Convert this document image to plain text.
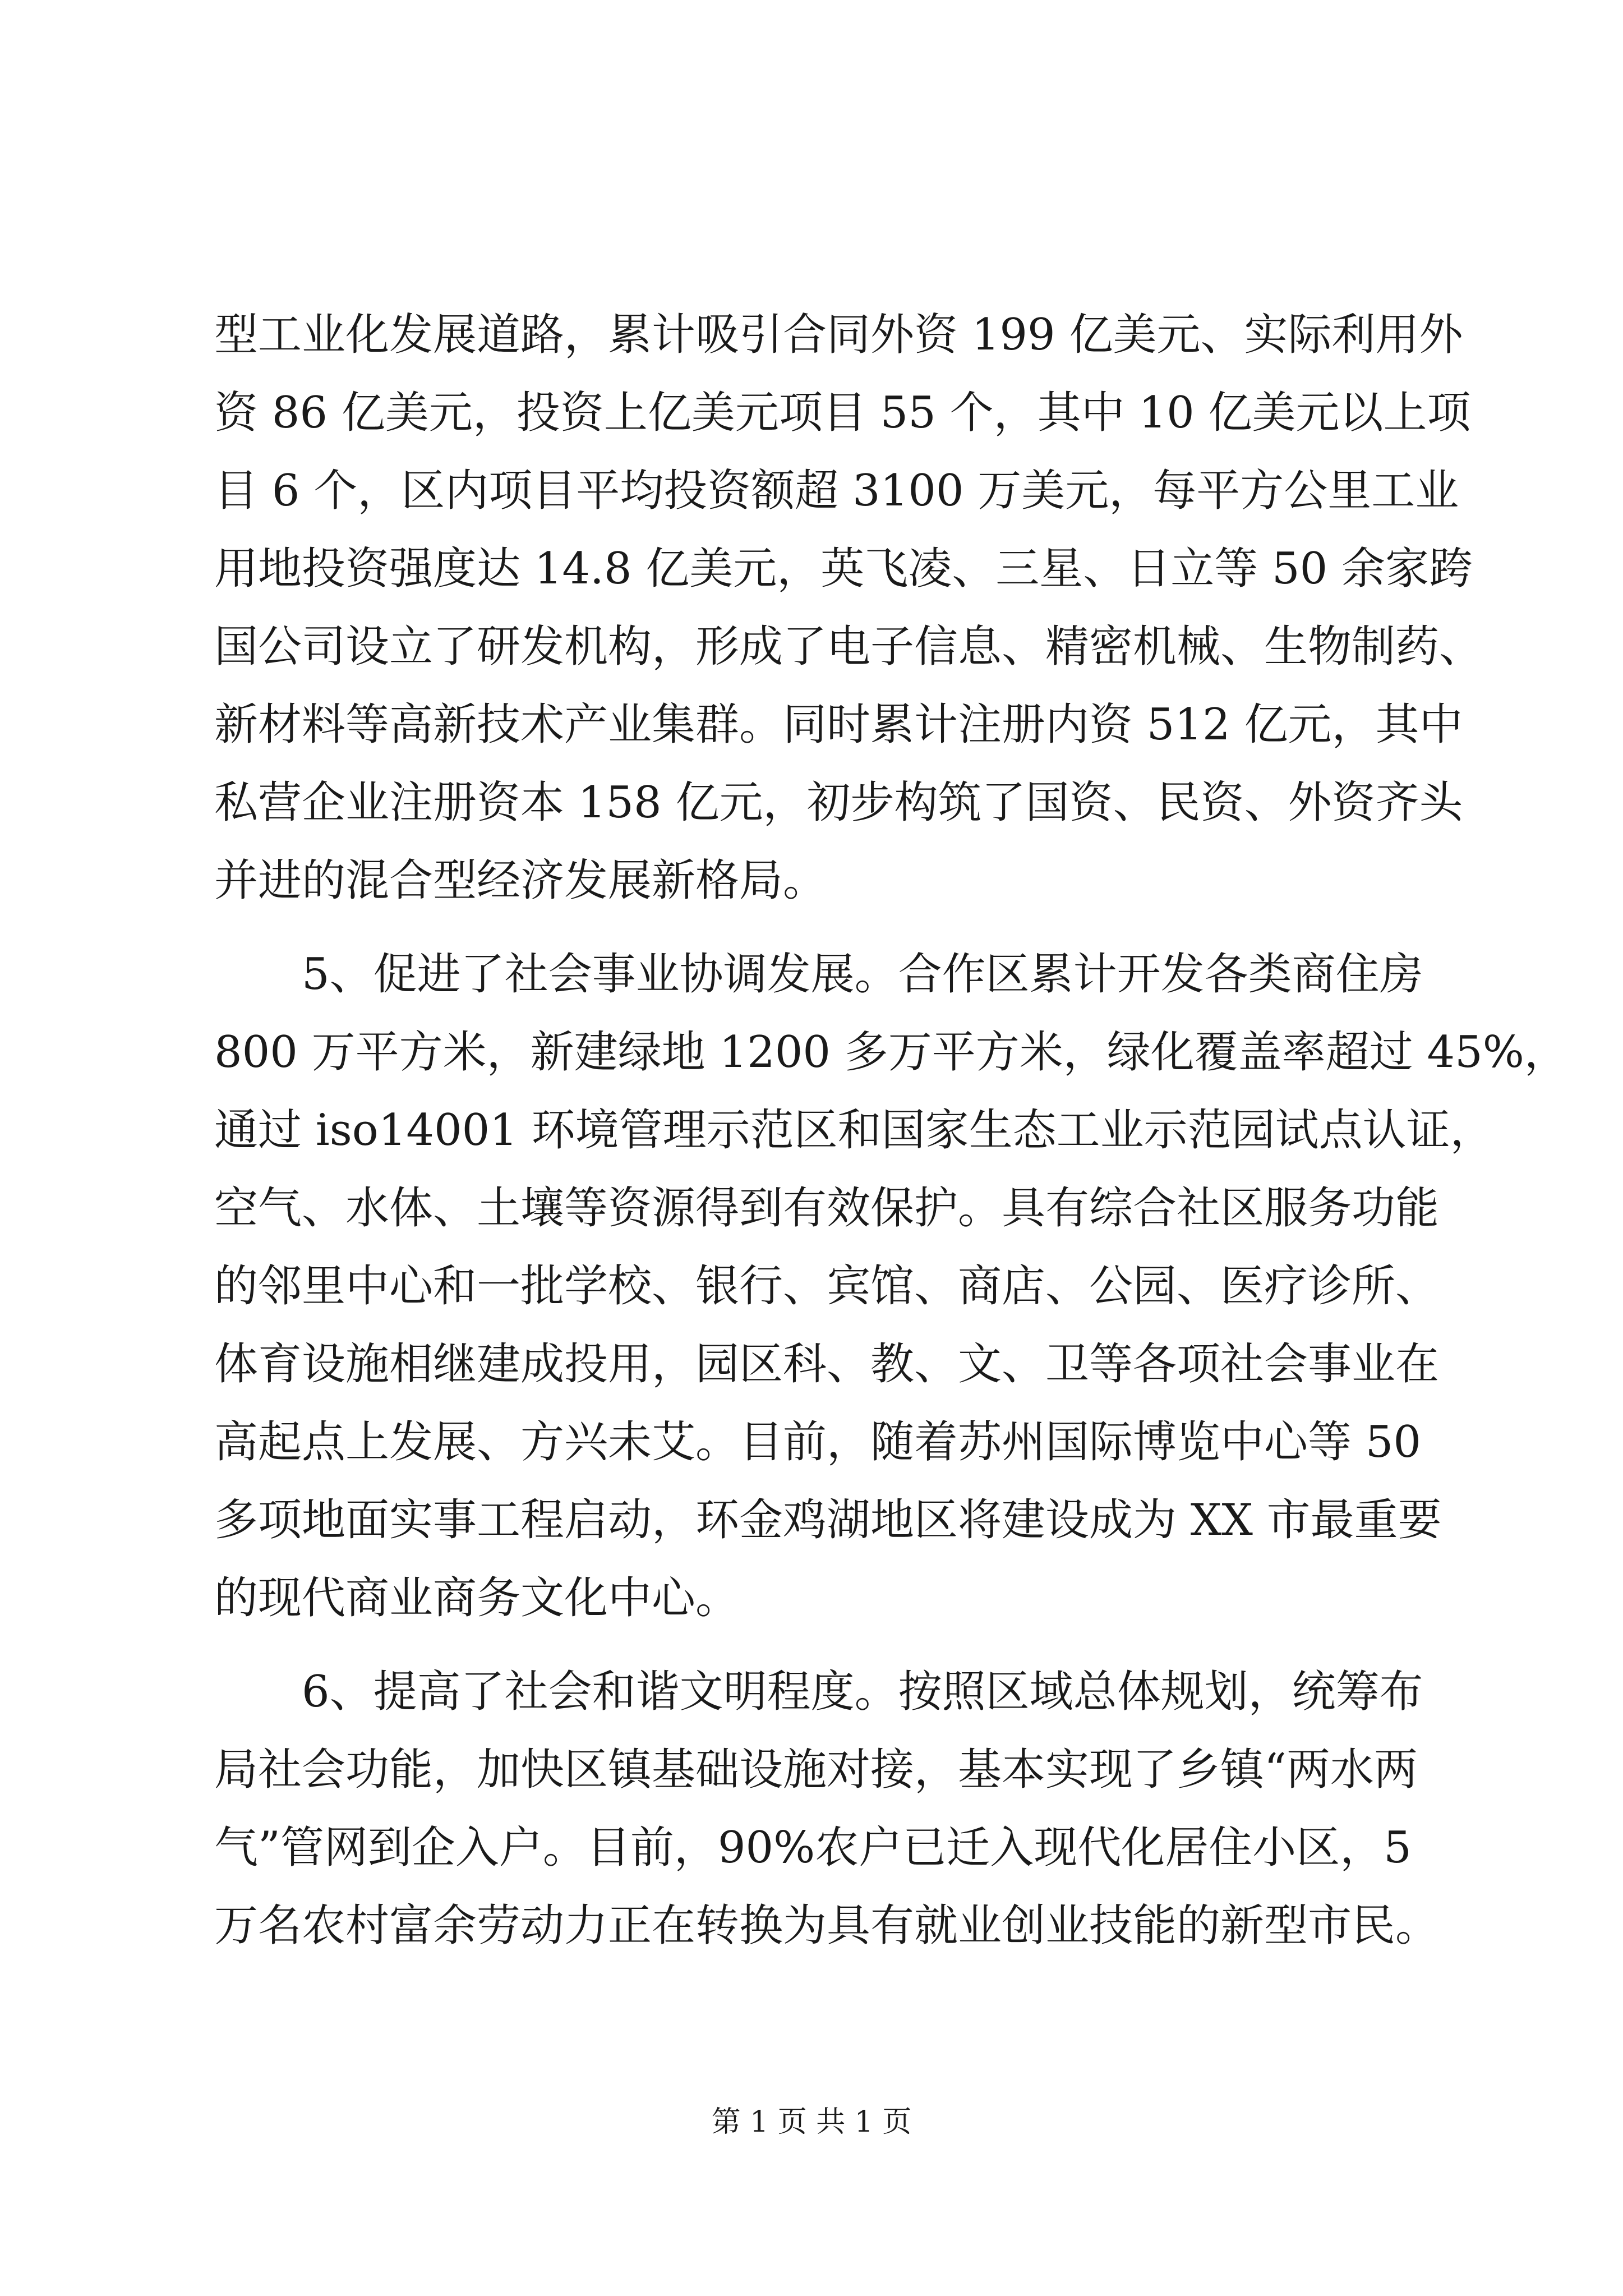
型工业化发展道路，累计吸引合同外资 199 亿美元、实际利用外
资 86 亿美元，投资上亿美元项目 55 个，其中 10 亿美元以上项
目 6 个，区内项目平均投资额超 3100 万美元，每平方公里工业
用地投资强度达 14.8 亿美元，英飞凌、三星、日立等 50 余家跨
国公司设立了研发机构，形成了电子信息、精密机械、生物制药、
新材料等高新技术产业集群。同时累计注册内资 512 亿元，其中
私营企业注册资本 158 亿元，初步构筑了国资、民资、外资齐头
并进的混合型经济发展新格局。
5、促进了社会事业协调发展。合作区累计开发各类商住房
800 万平方米，新建绿地 1200 多万平方米，绿化覆盖率超过 45%，
通过 iso14001 环境管理示范区和国家生态工业示范园试点认证，
空气、水体、土壤等资源得到有效保护。具有综合社区服务功能
的邻里中心和一批学校、银行、宾馆、商店、公园、医疗诊所、
体育设施相继建成投用，园区科、教、文、卫等各项社会事业在
高起点上发展、方兴未艾。目前，随着苏州国际博览中心等 50
多项地面实事工程启动，环金鸡湖地区将建设成为 XX 市最重要
的现代商业商务文化中心。
6、提高了社会和谐文明程度。按照区域总体规划，统筹布
局社会功能，加快区镇基础设施对接，基本实现了乡镇“两水两
气”管网到企入户。目前，90%农户已迁入现代化居住小区，5
万名农村富余劳动力正在转换为具有就业创业技能的新型市民。
第 1 页 共 1 页
